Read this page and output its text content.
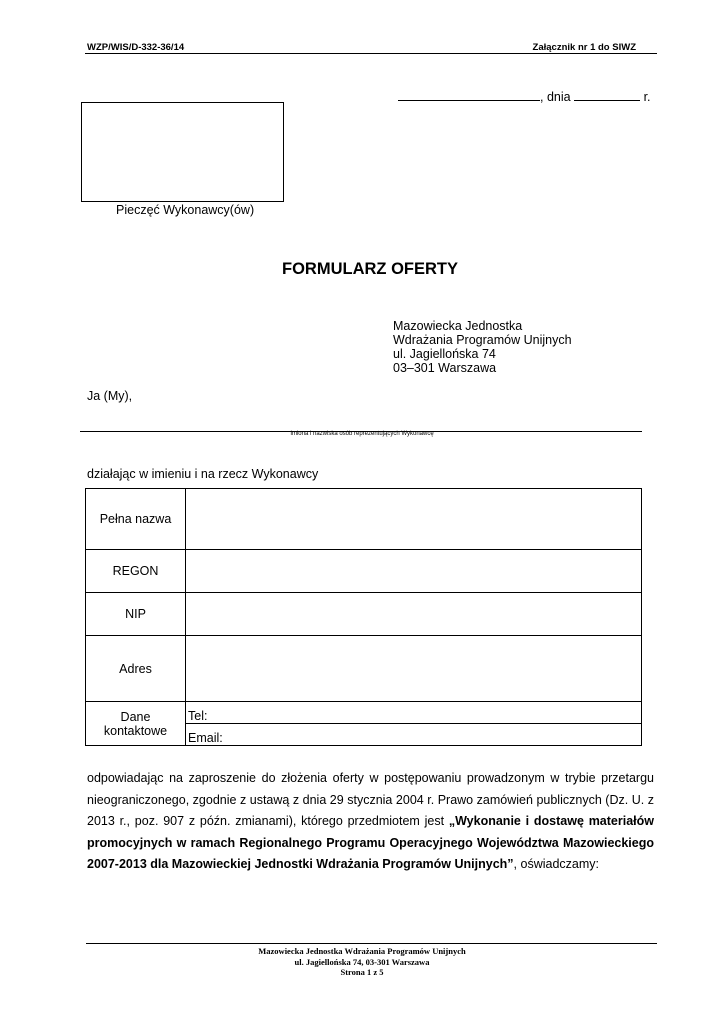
WZP/WIS/D-332-36/14	Załącznik nr 1 do SIWZ
, dnia	r.
Pieczęć Wykonawcy(ów)
FORMULARZ OFERTY
Mazowiecka Jednostka
Wdrażania Programów Unijnych
ul. Jagiellońska 74
03–301 Warszawa
Ja (My),
Imiona i nazwiska osób reprezentujących Wykonawcę
działając w imieniu i na rzecz Wykonawcy
Pełna nazwa	
REGON	
NIP	
Adres	
Dane kontaktowe	Tel:
	Email:
odpowiadając na zaproszenie do złożenia oferty w postępowaniu prowadzonym w trybie przetargu nieograniczonego, zgodnie z ustawą z dnia 29 stycznia 2004 r. Prawo zamówień publicznych (Dz. U. z 2013 r., poz. 907 z późn. zmianami), którego przedmiotem jest „Wykonanie i dostawę materiałów promocyjnych w ramach Regionalnego Programu Operacyjnego Województwa Mazowieckiego 2007-2013 dla Mazowieckiej Jednostki Wdrażania Programów Unijnych”, oświadczamy:
Mazowiecka Jednostka Wdrażania Programów Unijnych
ul. Jagiellońska 74, 03-301 Warszawa
Strona 1 z 5
